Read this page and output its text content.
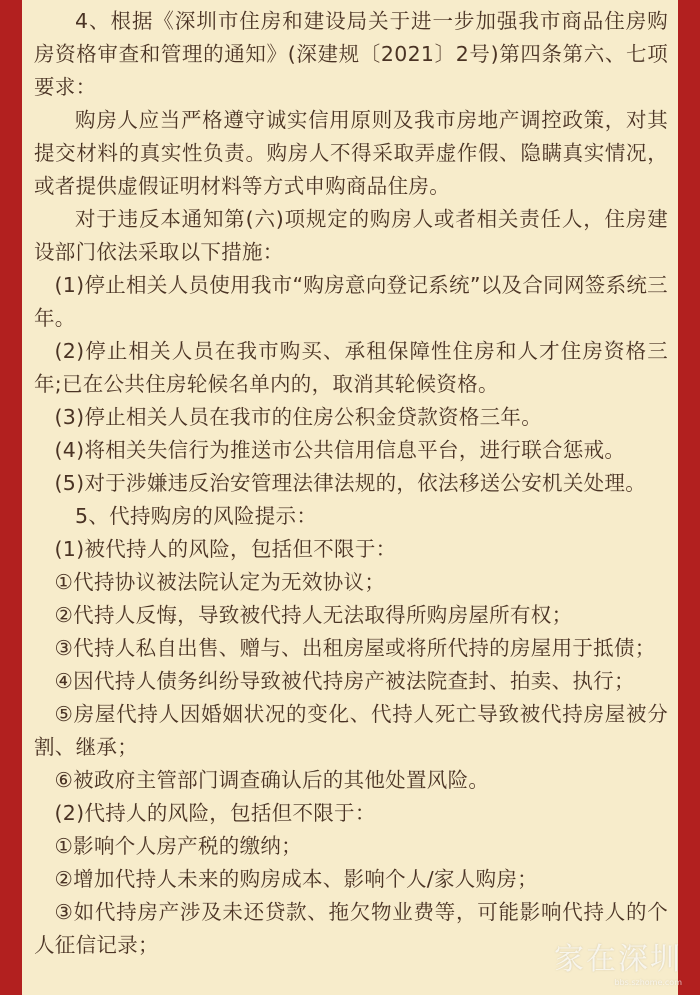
4、根据《深圳市住房和建设局关于进一步加强我市商品住房购房资格审查和管理的通知》(深建规〔2021〕2号)第四条第六、七项要求：

购房人应当严格遵守诚实信用原则及我市房地产调控政策，对其提交材料的真实性负责。购房人不得采取弄虚作假、隐瞒真实情况，或者提供虚假证明材料等方式申购商品住房。

对于违反本通知第(六)项规定的购房人或者相关责任人，住房建设部门依法采取以下措施：

(1)停止相关人员使用我市“购房意向登记系统”以及合同网签系统三年。

(2)停止相关人员在我市购买、承租保障性住房和人才住房资格三年;已在公共住房轮候名单内的，取消其轮候资格。

(3)停止相关人员在我市的住房公积金贷款资格三年。

(4)将相关失信行为推送市公共信用信息平台，进行联合惩戒。

(5)对于涉嫌违反治安管理法律法规的，依法移送公安机关处理。

5、代持购房的风险提示：

(1)被代持人的风险，包括但不限于：

①代持协议被法院认定为无效协议；

②代持人反悔，导致被代持人无法取得所购房屋所有权；

③代持人私自出售、赠与、出租房屋或将所代持的房屋用于抵债；

④因代持人债务纠纷导致被代持房产被法院查封、拍卖、执行；

⑤房屋代持人因婚姻状况的变化、代持人死亡导致被代持房屋被分割、继承；

⑥被政府主管部门调查确认后的其他处置风险。

(2)代持人的风险，包括但不限于：

①影响个人房产税的缴纳；

②增加代持人未来的购房成本、影响个人/家人购房；

③如代持房产涉及未还贷款、拖欠物业费等，可能影响代持人的个人征信记录；	家在深圳
bbs.szhome.com
